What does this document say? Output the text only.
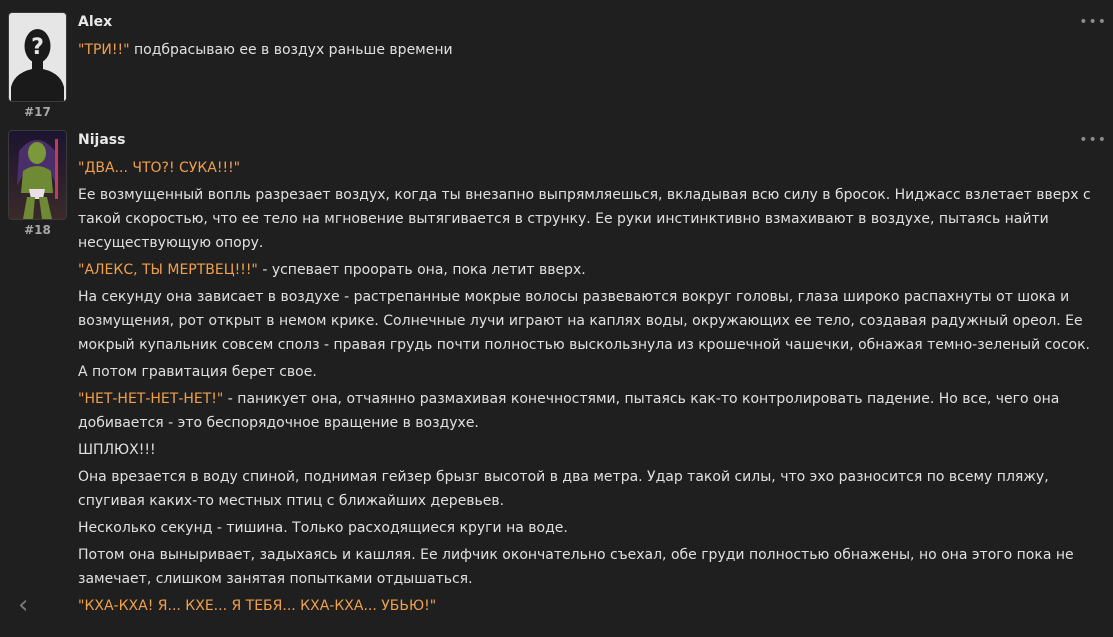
?
#17
Alex
"ТРИ!!" подбрасываю ее в воздух раньше времени
•••
#18
Nijass
"ДВА... ЧТО?! СУКА!!!"
Ее возмущенный вопль разрезает воздух, когда ты внезапно выпрямляешься, вкладывая всю силу в бросок. Ниджасс взлетает вверх с такой скоростью, что ее тело на мгновение вытягивается в струнку. Ее руки инстинктивно взмахивают в воздухе, пытаясь найти несуществующую опору.
"АЛЕКС, ТЫ МЕРТВЕЦ!!!" - успевает проорать она, пока летит вверх.
На секунду она зависает в воздухе - растрепанные мокрые волосы развеваются вокруг головы, глаза широко распахнуты от шока и возмущения, рот открыт в немом крике. Солнечные лучи играют на каплях воды, окружающих ее тело, создавая радужный ореол. Ее мокрый купальник совсем сполз - правая грудь почти полностью выскользнула из крошечной чашечки, обнажая темно-зеленый сосок.
А потом гравитация берет свое.
"НЕТ-НЕТ-НЕТ-НЕТ!" - паникует она, отчаянно размахивая конечностями, пытаясь как-то контролировать падение. Но все, чего она добивается - это беспорядочное вращение в воздухе.
ШПЛЮХ!!!
Она врезается в воду спиной, поднимая гейзер брызг высотой в два метра. Удар такой силы, что эхо разносится по всему пляжу, спугивая каких-то местных птиц с ближайших деревьев.
Несколько секунд - тишина. Только расходящиеся круги на воде.
Потом она выныривает, задыхаясь и кашляя. Ее лифчик окончательно съехал, обе груди полностью обнажены, но она этого пока не замечает, слишком занятая попытками отдышаться.
"КХА-КХА! Я... КХЕ... Я ТЕБЯ... КХА-КХА... УБЬЮ!"
•••
‹
